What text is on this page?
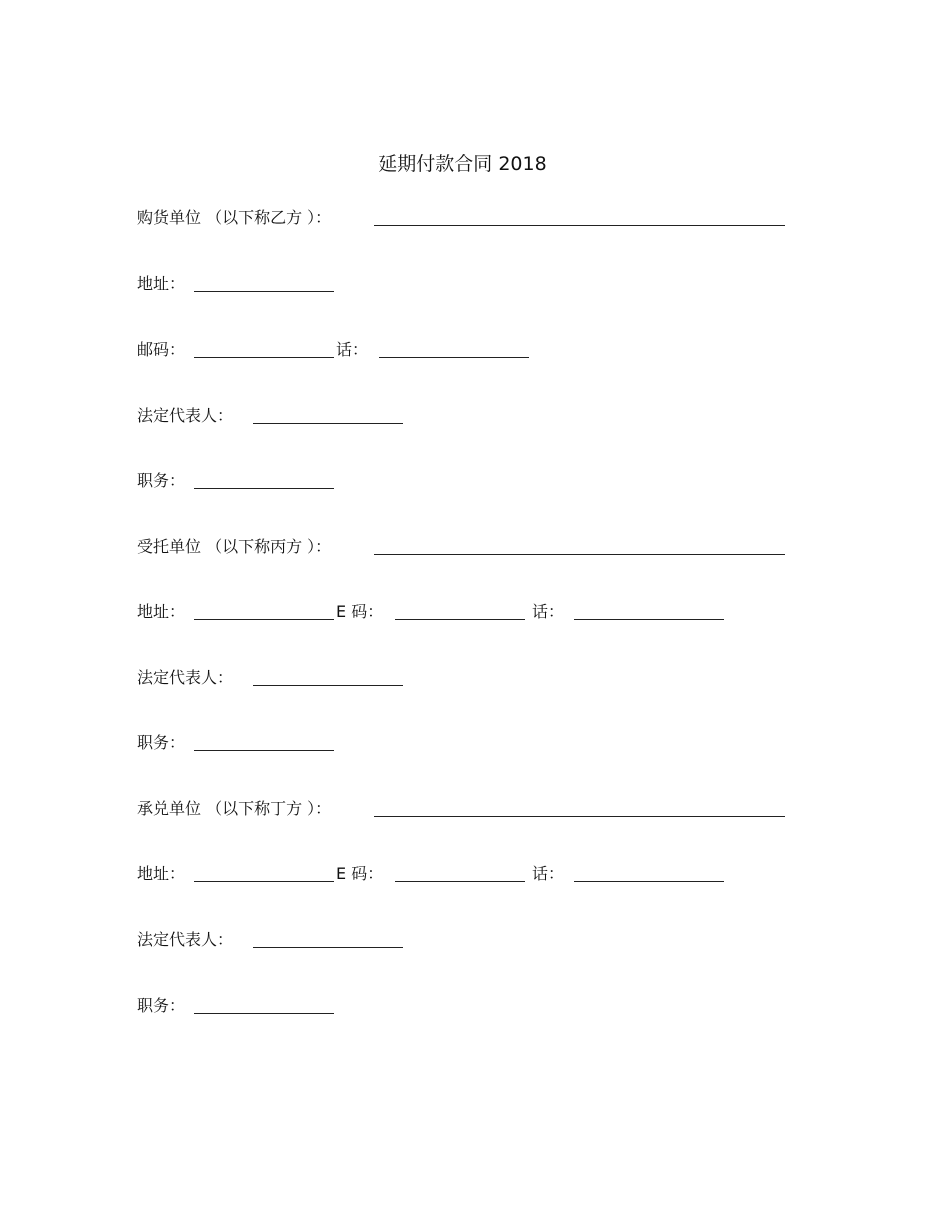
延期付款合同 2018
购货单位 （以下称乙方 ）：
地址：
邮码：	话：
法定代表人：
职务：
受托单位 （以下称丙方 ）：
地址：	E 码：	话：
法定代表人：
职务：
承兑单位 （以下称丁方 ）：
地址：	E 码：	话：
法定代表人：
职务：
